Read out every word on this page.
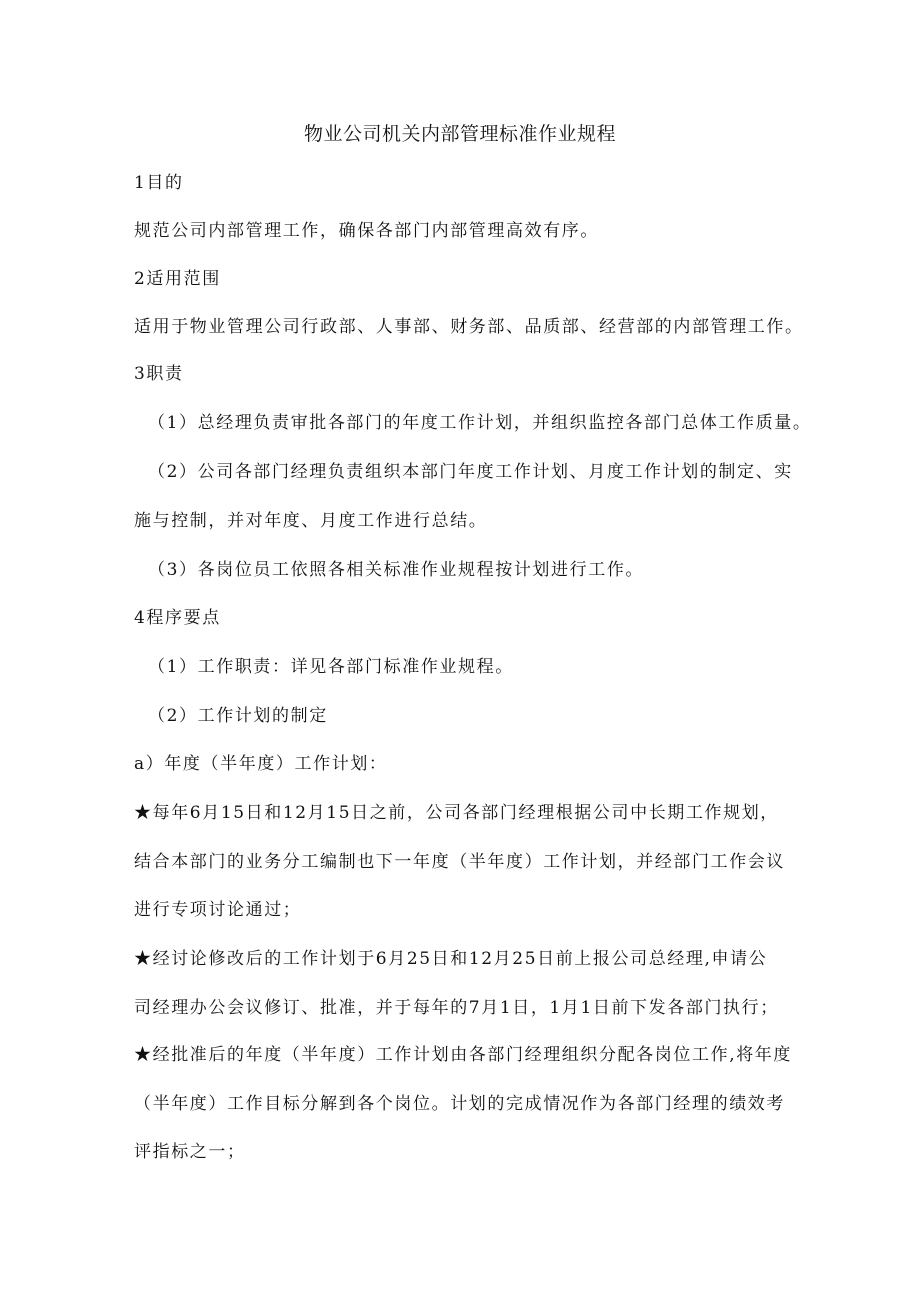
物业公司机关内部管理标准作业规程
1目的
规范公司内部管理工作，确保各部门内部管理高效有序。
2适用范围
适用于物业管理公司行政部、人事部、财务部、品质部、经营部的内部管理工作。
3职责
（1）总经理负责审批各部门的年度工作计划，并组织监控各部门总体工作质量。
（2）公司各部门经理负责组织本部门年度工作计划、月度工作计划的制定、实
施与控制，并对年度、月度工作进行总结。
（3）各岗位员工依照各相关标准作业规程按计划进行工作。
4程序要点
（1）工作职责：详见各部门标准作业规程。
（2）工作计划的制定
a）年度（半年度）工作计划：
★每年6月15日和12月15日之前，公司各部门经理根据公司中长期工作规划，
结合本部门的业务分工编制也下一年度（半年度）工作计划，并经部门工作会议
进行专项讨论通过；
★经讨论修改后的工作计划于6月25日和12月25日前上报公司总经理,申请公
司经理办公会议修订、批准，并于每年的7月1日，1月1日前下发各部门执行；
★经批准后的年度（半年度）工作计划由各部门经理组织分配各岗位工作,将年度
（半年度）工作目标分解到各个岗位。计划的完成情况作为各部门经理的绩效考
评指标之一；
